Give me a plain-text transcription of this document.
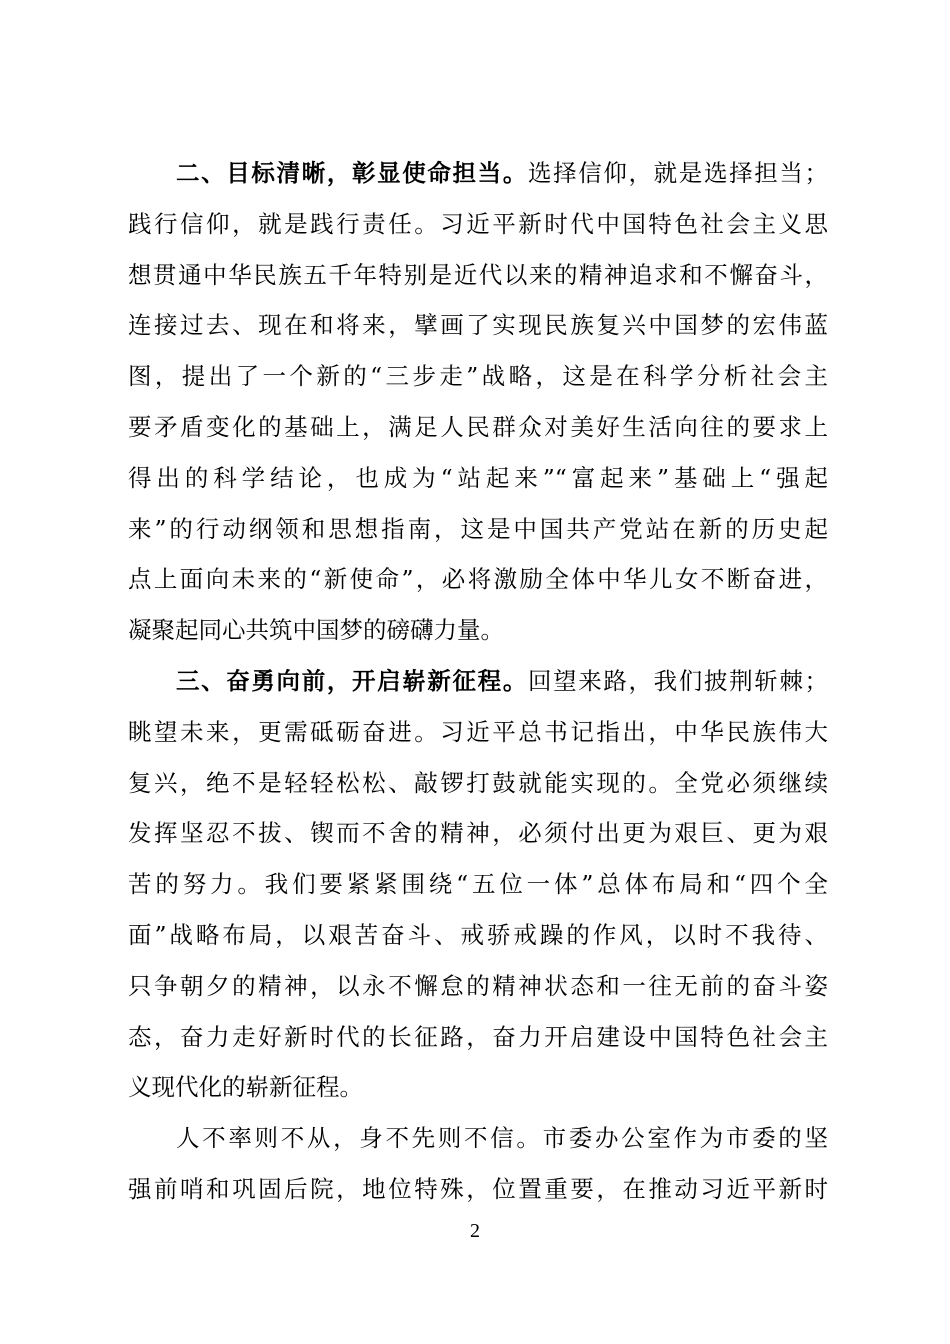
二、目标清晰，彰显使命担当。选择信仰，就是选择担当；
践行信仰，就是践行责任。习近平新时代中国特色社会主义思
想贯通中华民族五千年特别是近代以来的精神追求和不懈奋斗，
连接过去、现在和将来，擘画了实现民族复兴中国梦的宏伟蓝
图，提出了一个新的“三步走”战略，这是在科学分析社会主
要矛盾变化的基础上，满足人民群众对美好生活向往的要求上
得出的科学结论，也成为“站起来”“富起来”基础上“强起
来”的行动纲领和思想指南，这是中国共产党站在新的历史起
点上面向未来的“新使命”，必将激励全体中华儿女不断奋进，
凝聚起同心共筑中国梦的磅礴力量。
三、奋勇向前，开启崭新征程。回望来路，我们披荆斩棘；
眺望未来，更需砥砺奋进。习近平总书记指出，中华民族伟大
复兴，绝不是轻轻松松、敲锣打鼓就能实现的。全党必须继续
发挥坚忍不拔、锲而不舍的精神，必须付出更为艰巨、更为艰
苦的努力。我们要紧紧围绕“五位一体”总体布局和“四个全
面”战略布局，以艰苦奋斗、戒骄戒躁的作风，以时不我待、
只争朝夕的精神，以永不懈怠的精神状态和一往无前的奋斗姿
态，奋力走好新时代的长征路，奋力开启建设中国特色社会主
义现代化的崭新征程。
人不率则不从，身不先则不信。市委办公室作为市委的坚
强前哨和巩固后院，地位特殊，位置重要，在推动习近平新时
2
